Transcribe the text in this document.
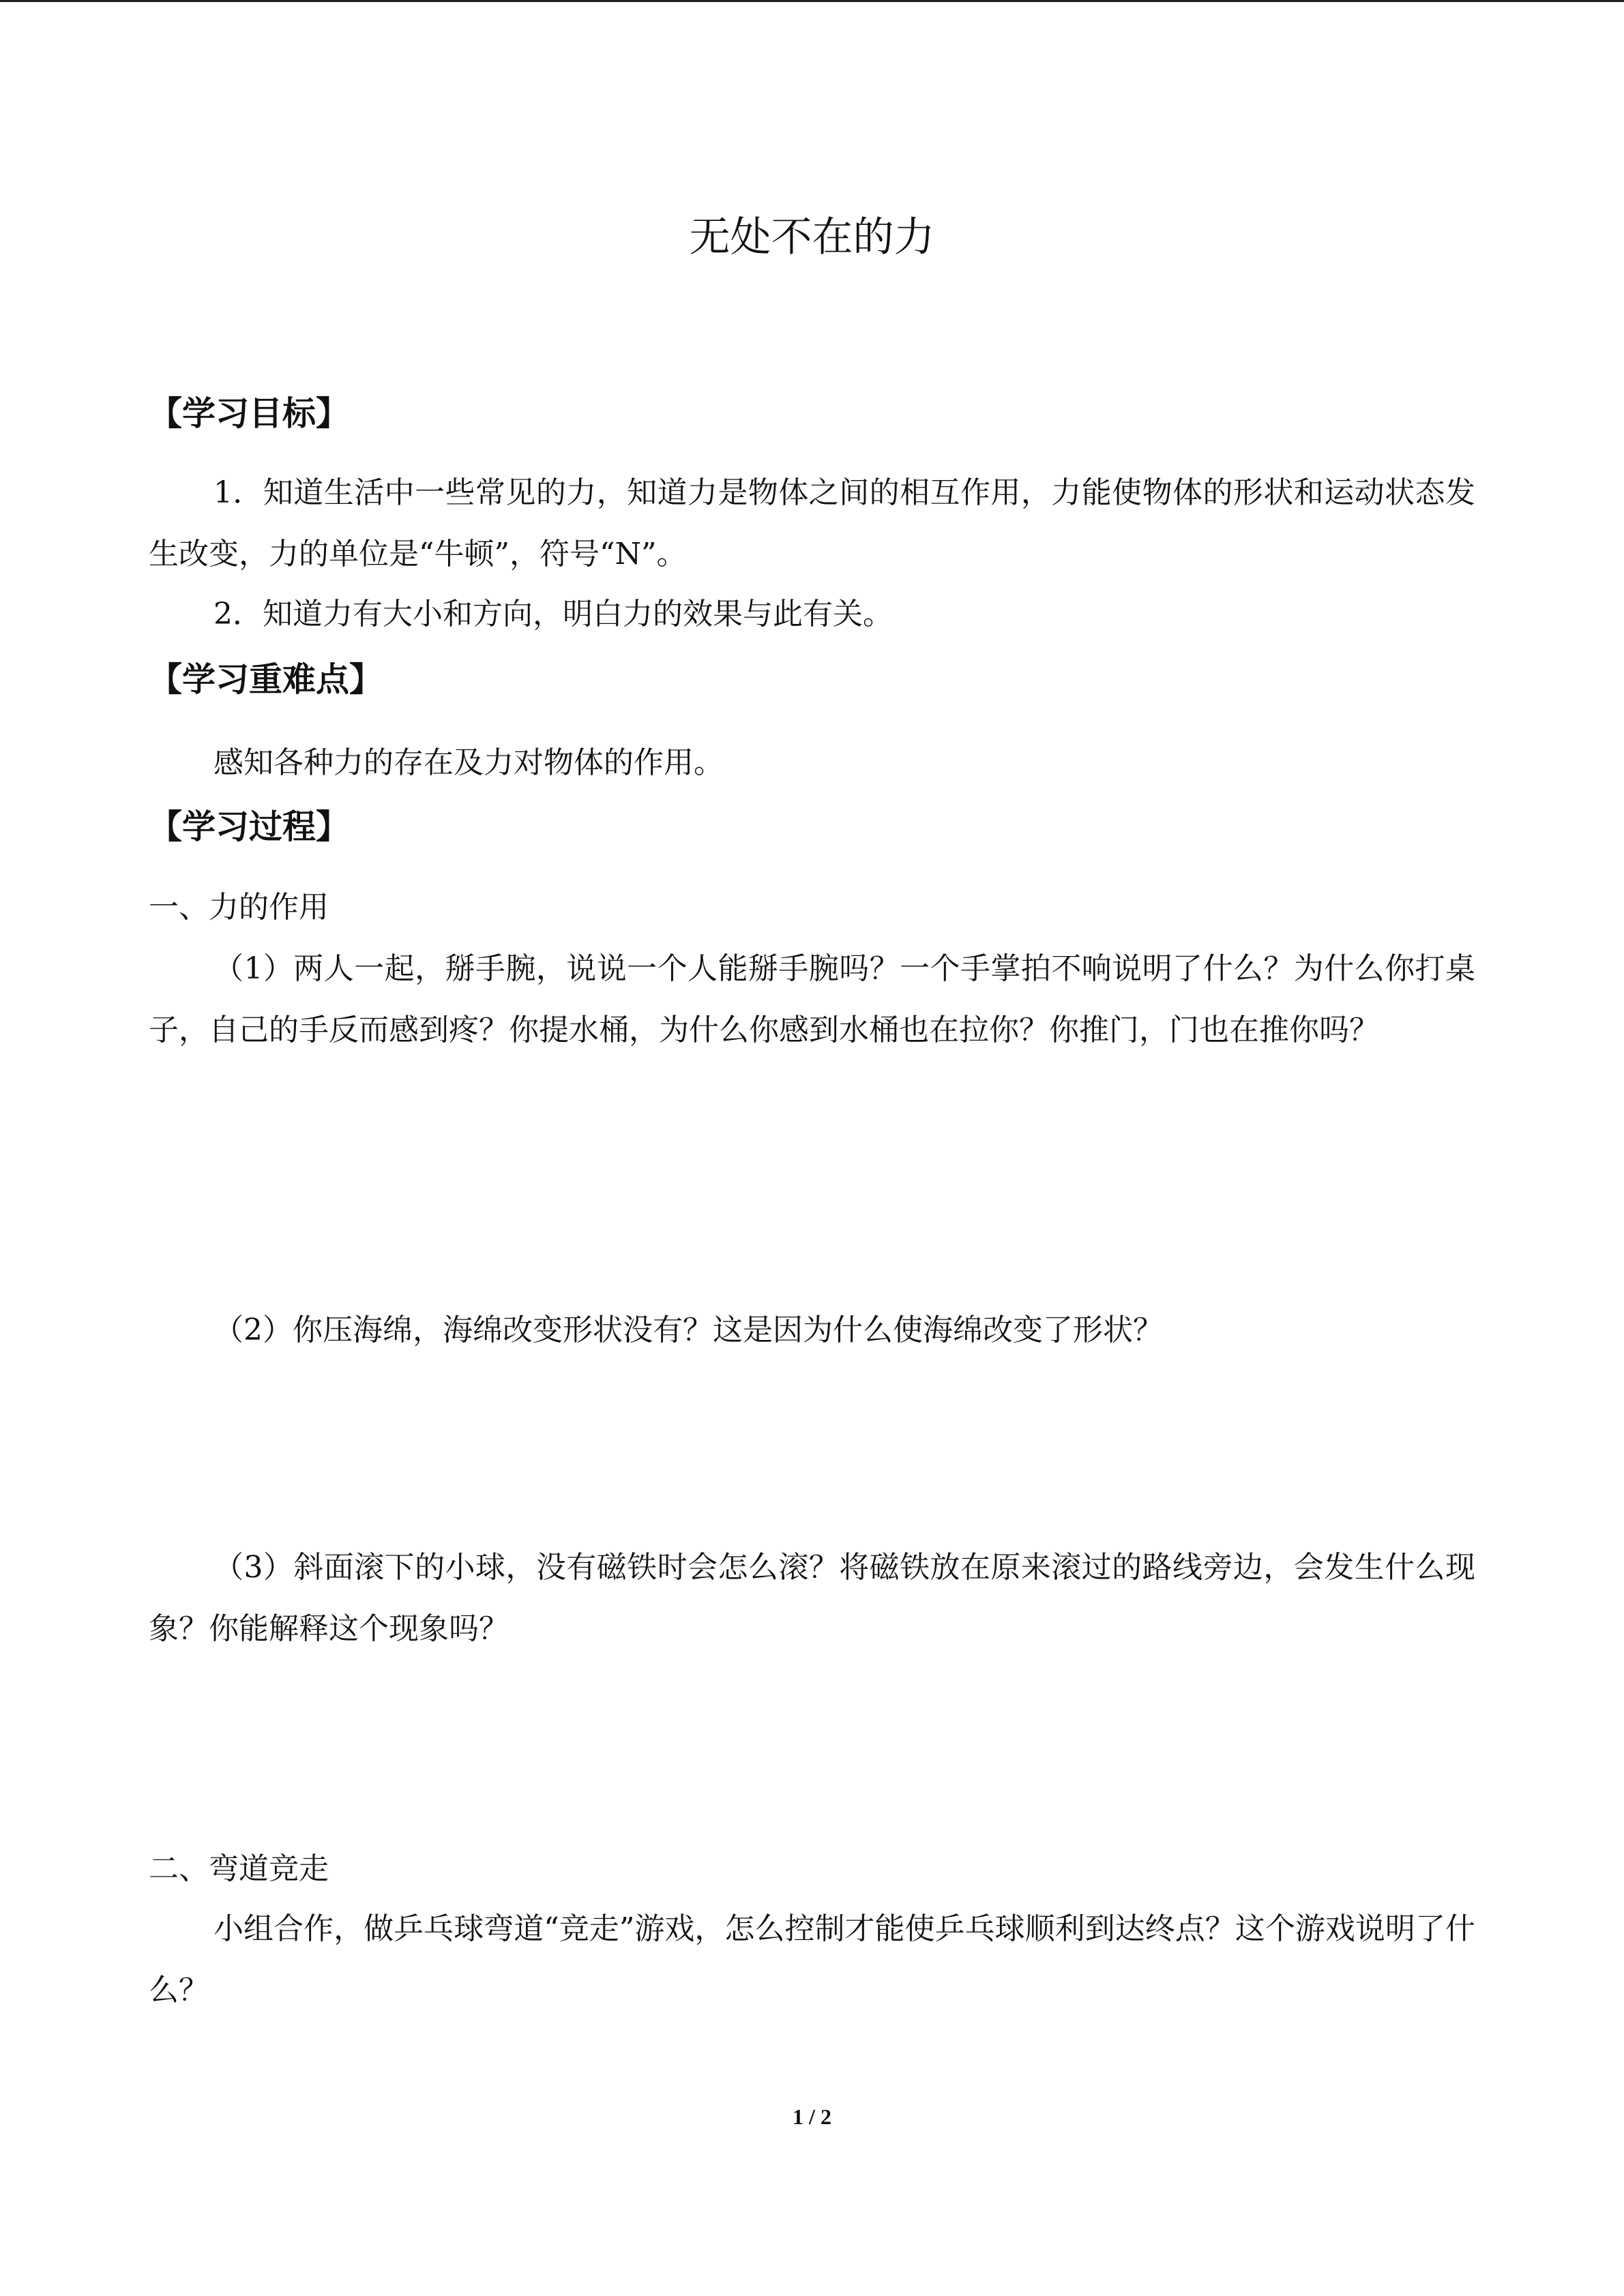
无处不在的力
【学习目标】

1．知道生活中一些常见的力，知道力是物体之间的相互作用，力能使物体的形状和运动状态发生改变，力的单位是“牛顿”，符号“N”。

2．知道力有大小和方向，明白力的效果与此有关。

【学习重难点】

感知各种力的存在及力对物体的作用。

【学习过程】

一、力的作用

（1）两人一起，掰手腕，说说一个人能掰手腕吗？一个手掌拍不响说明了什么？为什么你打桌子，自己的手反而感到疼？你提水桶，为什么你感到水桶也在拉你？你推门，门也在推你吗？

（2）你压海绵，海绵改变形状没有？这是因为什么使海绵改变了形状？

（3）斜面滚下的小球，没有磁铁时会怎么滚？将磁铁放在原来滚过的路线旁边，会发生什么现象？你能解释这个现象吗？

二、弯道竞走

小组合作，做乒乓球弯道“竞走”游戏，怎么控制才能使乒乓球顺利到达终点？这个游戏说明了什么？

1 / 2
